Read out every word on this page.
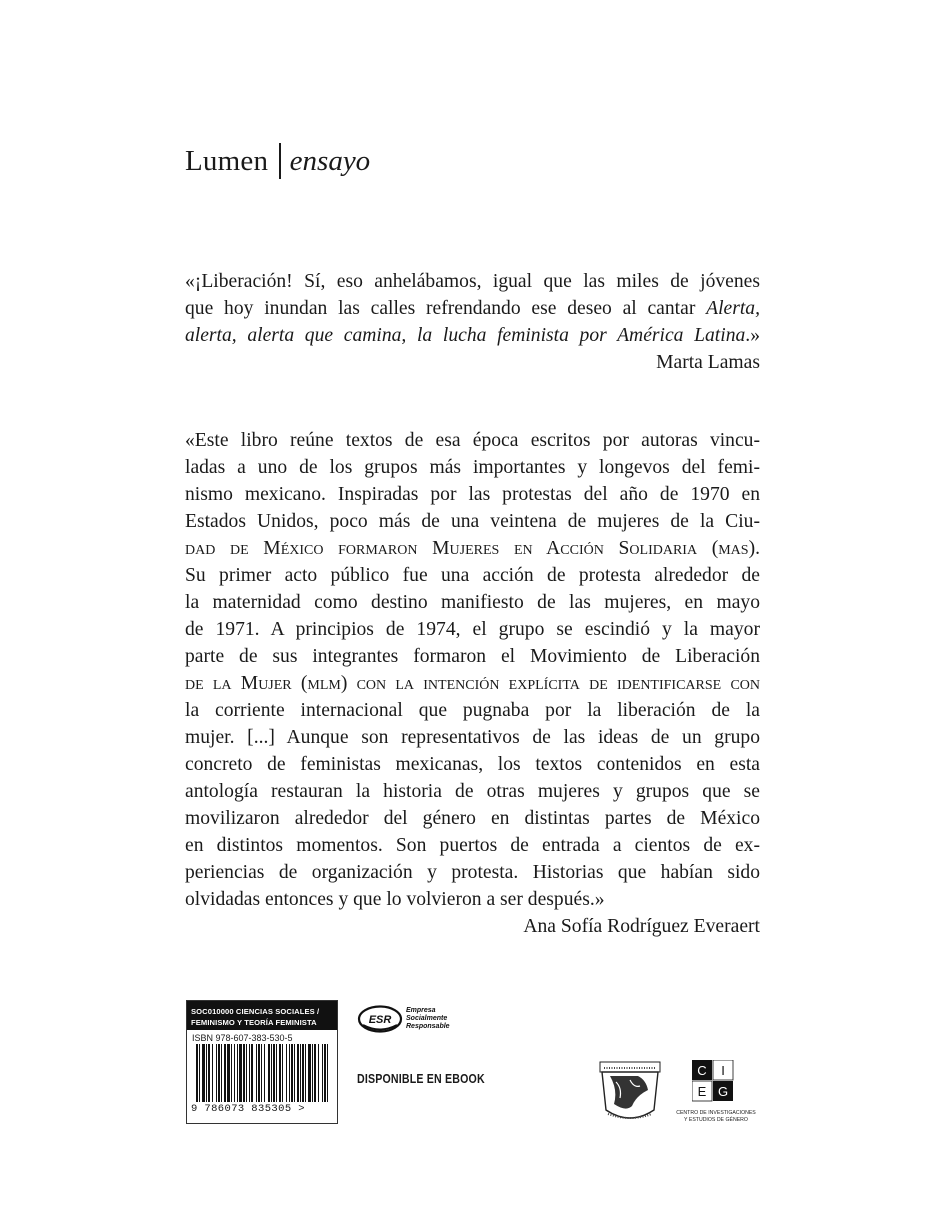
Lumen ensayo
«¡Liberación! Sí, eso anhelábamos, igual que las miles de jóvenes
que hoy inundan las calles refrendando ese deseo al cantar Alerta,
alerta, alerta que camina, la lucha feminista por América Latina.»
Marta Lamas
«Este libro reúne textos de esa época escritos por autoras vincu-
ladas a uno de los grupos más importantes y longevos del femi-
nismo mexicano. Inspiradas por las protestas del año de 1970 en
Estados Unidos, poco más de una veintena de mujeres de la Ciu-
dad de México formaron Mujeres en Acción Solidaria (mas).
Su primer acto público fue una acción de protesta alrededor de
la maternidad como destino manifiesto de las mujeres, en mayo
de 1971. A principios de 1974, el grupo se escindió y la mayor
parte de sus integrantes formaron el Movimiento de Liberación
de la Mujer (mlm) con la intención explícita de identificarse con
la corriente internacional que pugnaba por la liberación de la
mujer. [...] Aunque son representativos de las ideas de un grupo
concreto de feministas mexicanas, los textos contenidos en esta
antología restauran la historia de otras mujeres y grupos que se
movilizaron alrededor del género en distintas partes de México
en distintos momentos. Son puertos de entrada a cientos de ex-
periencias de organización y protesta. Historias que habían sido
olvidadas entonces y que lo volvieron a ser después.»
Ana Sofía Rodríguez Everaert
SOC010000 CIENCIAS SOCIALES /
FEMINISMO Y TEORÍA FEMINISTA
ISBN 978-607-383-530-5
9 786073 835305 >
ESR
Empresa
Socialmente
Responsable
DISPONIBLE EN EBOOK
C I
E G
CENTRO DE INVESTIGACIONES
Y ESTUDIOS DE GÉNERO
